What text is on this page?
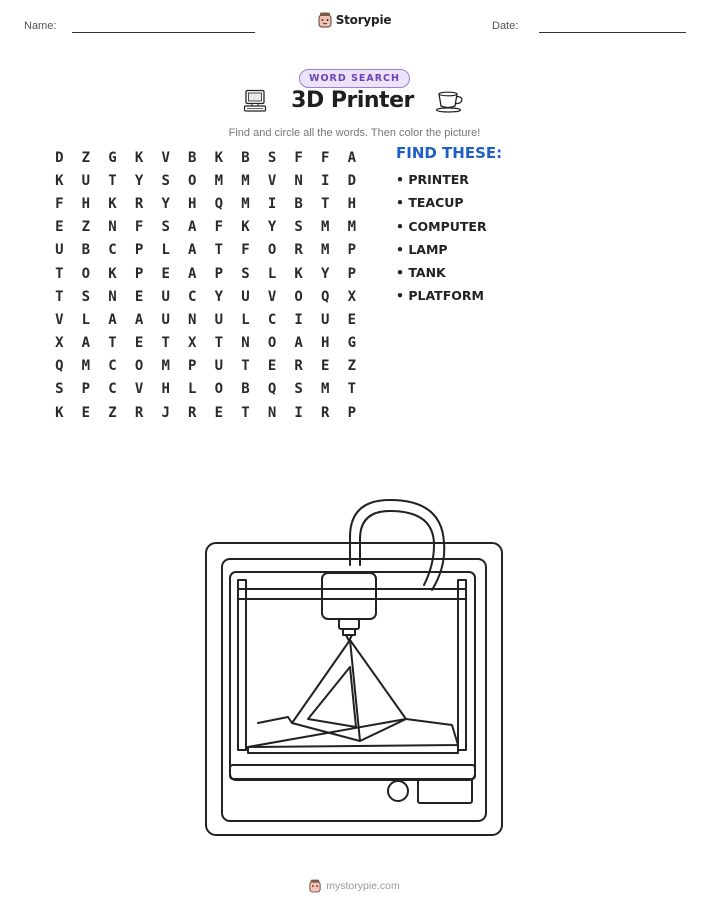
Name:	Storypie	Date:
WORD SEARCH
3D Printer
Find and circle all the words. Then color the picture!
D	Z	G	K	V	B	K	B	S	F	F	A
K	U	T	Y	S	O	M	M	V	N	I	D
F	H	K	R	Y	H	Q	M	I	B	T	H
E	Z	N	F	S	A	F	K	Y	S	M	M
U	B	C	P	L	A	T	F	O	R	M	P
T	O	K	P	E	A	P	S	L	K	Y	P
T	S	N	E	U	C	Y	U	V	O	Q	X
V	L	A	A	U	N	U	L	C	I	U	E
X	A	T	E	T	X	T	N	O	A	H	G
Q	M	C	O	M	P	U	T	E	R	E	Z
S	P	C	V	H	L	O	B	Q	S	M	T
K	E	Z	R	J	R	E	T	N	I	R	P
FIND THESE:
• PRINTER
• TEACUP
• COMPUTER
• LAMP
• TANK
• PLATFORM
mystorypie.com
